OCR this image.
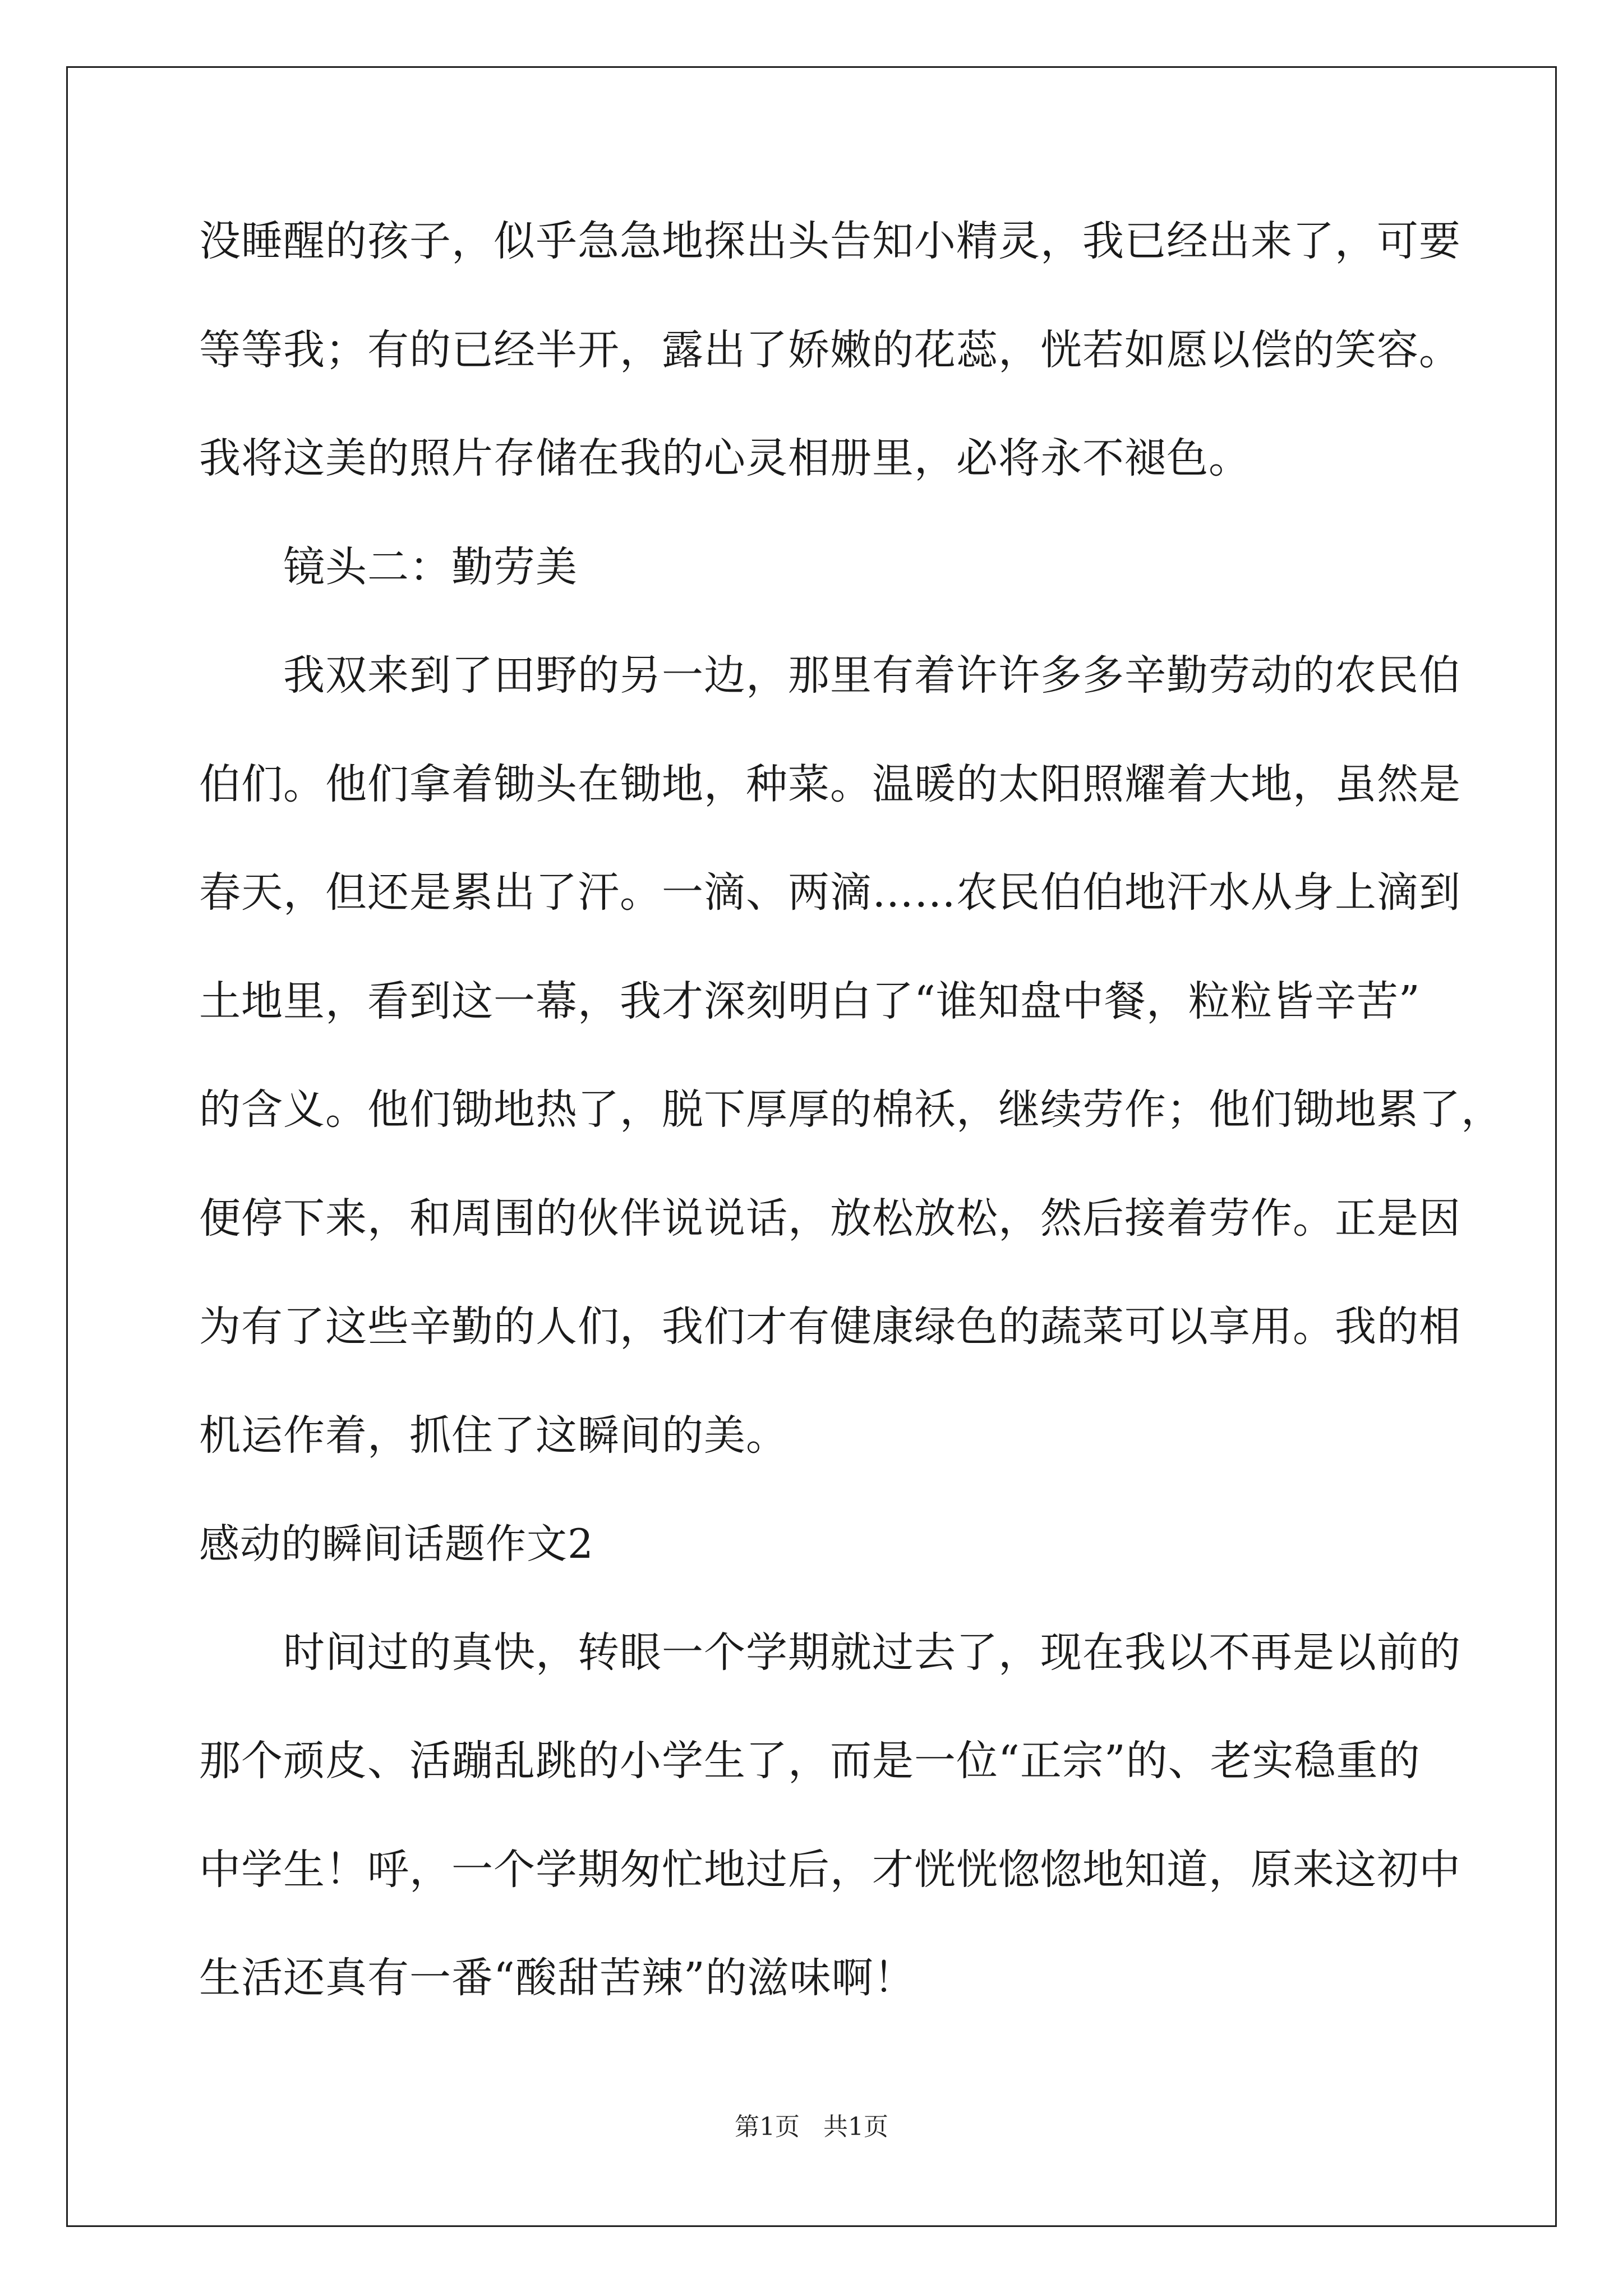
没睡醒的孩子，似乎急急地探出头告知小精灵，我已经出来了，可要
等等我；有的已经半开，露出了娇嫩的花蕊，恍若如愿以偿的笑容。
我将这美的照片存储在我的心灵相册里，必将永不褪色。
镜头二：勤劳美
我双来到了田野的另一边，那里有着许许多多辛勤劳动的农民伯
伯们。他们拿着锄头在锄地，种菜。温暖的太阳照耀着大地，虽然是
春天，但还是累出了汗。一滴、两滴……农民伯伯地汗水从身上滴到
土地里，看到这一幕，我才深刻明白了“谁知盘中餐，粒粒皆辛苦”
的含义。他们锄地热了，脱下厚厚的棉袄，继续劳作；他们锄地累了，
便停下来，和周围的伙伴说说话，放松放松，然后接着劳作。正是因
为有了这些辛勤的人们，我们才有健康绿色的蔬菜可以享用。我的相
机运作着，抓住了这瞬间的美。
感动的瞬间话题作文2
时间过的真快，转眼一个学期就过去了，现在我以不再是以前的
那个顽皮、活蹦乱跳的小学生了，而是一位“正宗”的、老实稳重的
中学生！呼，一个学期匆忙地过后，才恍恍惚惚地知道，原来这初中
生活还真有一番“酸甜苦辣”的滋味啊！
第1页   共1页
